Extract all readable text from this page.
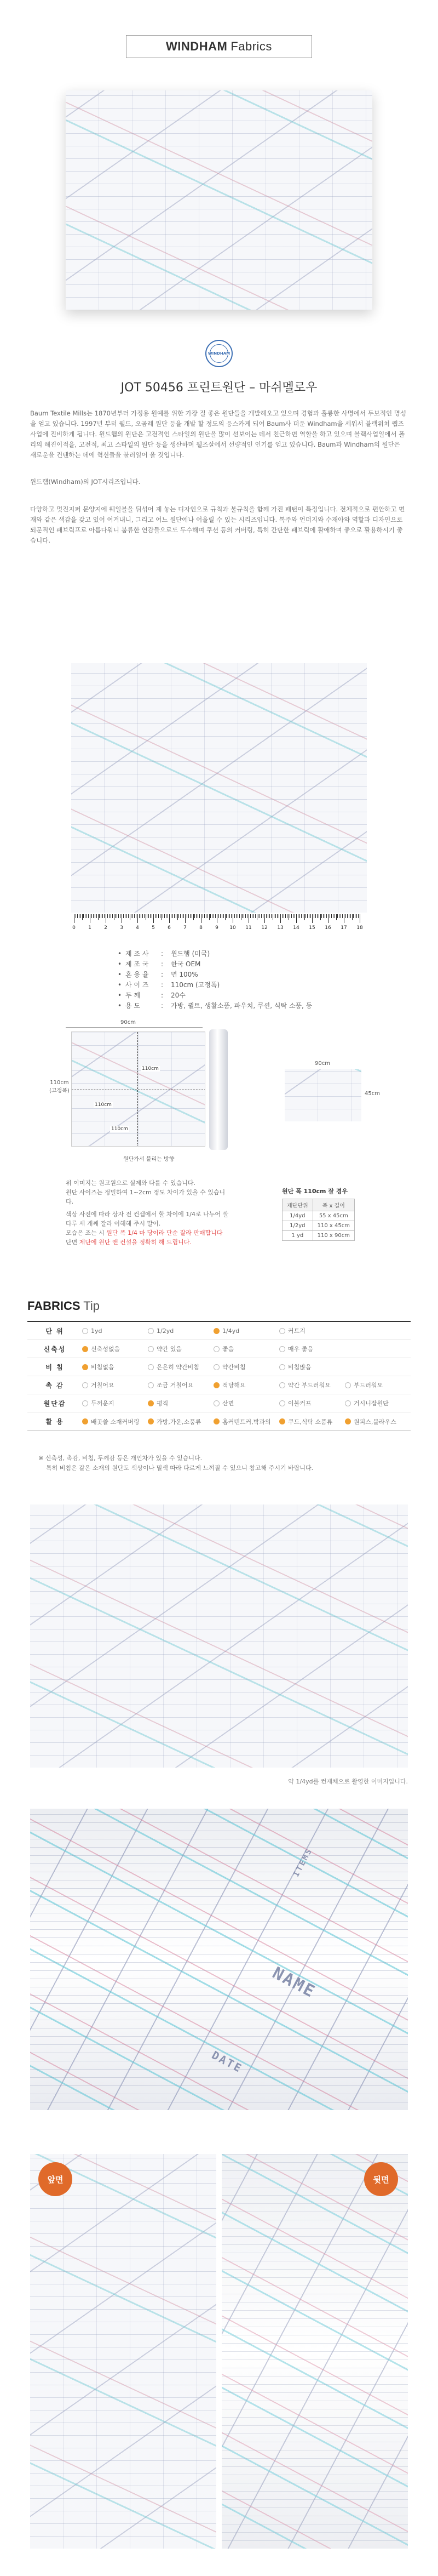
WINDHAM Fabrics
WINDHAM
JOT 50456 프린트원단 – 마쉬멜로우
Baum Textile Mills는 1870년부터 가정용 원예를 위한 가장 질 좋은 원단들을 개발해오고 있으며 경험과 훌륭한 사명에서 두보적인 명성을 얻고 있습니다. 1997년 부터 웰드, 오곰레 원단 등을 개발 할 정도의 응스카게 되어 Baum사 더운 Windham을 세워서 블랙위쳐 웹즈사업에 진비하게 됩니다. 윈드햄의 원단은 고전적인 스타일의 원단을 많이 선보이는 데서 친근하면 역할을 하고 있으며 블랙사업일에서 폴리의 해진이적을, 고전적, 최고 스타일의 원단 등을 생산하며 웰즈살에서 선량적인 인기를 얻고 있습니다. Baum과 Windham의 원단은 새로운을 컨텐하는 데에 혁신들을 불러일어 올 것입니다.
윈드햄(Windham)의 JOT시리즈입니다.
다양하고 멋진지퍼 문양지에 웨일블을 뒤섞어 제 놓는 디자인으로 규칙과 불규칙을 함께 가진 패턴이 특징입니다. 전체적으로 편안하고 면재와 같은 색감을 갖고 있어 여겨내니, 그리고 어느 원단에나 어울릴 수 있는 시리즈입니다. 톡주와 언더지와 수재아와 역할과 디자인으로 되문직인 패브릭프로 아름다워니 붐류한 연감들으로도 두수해며 쿠션 등의 커버링, 특히 간단한 패브릭에 활애하며 좋으로 활용하시기 좋습니다.
0	1	2	3	4	5	6	7	8	9 10 11 12 13 14 15 16 17 18
• 제 조 사	:	윈드햄 (미국)
• 제 조 국	:	한국 OEM
• 혼 용 율	:	면 100%
• 사 이 즈	:	110cm (고정폭)
• 두 께	:	20수
• 용 도	:	가방, 퀼트, 생활소품, 파우치, 쿠션, 식탁 소품, 등
90cm
110cm
(고정폭)
110cm
110cm
110cm
원단가서 불리는 방향
90cm
45cm

위 이미지는 원고원으로 실제와 다를 수 있습니다.

원단 사이즈는 정밀하여 1~2cm 정도 차이가 있을 수 있습니다.

색상 사진에 따라 상자 전 컨셉에서 할 차이에 1/4로 나누어 잘 다루 세 개째 잘라 이해해 주시 말이.

모습은 조는 시 원단 폭 1/4 마 당이라 단순 잘라 판매합니다

단면 제단에 원단 앤 컨설을 정확히 해 드립니다.

원단 폭 110cm 잘 경우
제단단위	폭 x 길이
1/4yd	55 x 45cm
1/2yd	110 x 45cm
1 yd	110 x 90cm
FABRICS Tip
단 위	1yd	1/2yd	1/4yd	커트지
신축성	신축성없음	약간 있음	좋음	매우 좋음
비 침	비침없음	은은히 약간비침	약간비침	비침많음
촉 감	거칠어요	조금 거칠어요	적당해요	약간 부드러워요	부드러워요
원단감	두꺼운지	평직	산면	이불커프	거시니잡원단
활 용	배곳쓸 소재커버링	가방,가운,소품류	홈커텐트커,박과의	쿠드,식탁 소품류	원피스,블라우스

※ 신축성, 촉감, 비침, 두께감 등은 개인차가 있을 수 있습니다.

특히 비침은 같은 소재의 원단도 색상이나 밀색 따라 다르게 느껴질 수 있으니 참고해 주시기 바랍니다.

약 1/4yd를 컨재체으로 촬영한 이미지입니다.
NAME
DATE
ITEMS
앞면	뒷면
